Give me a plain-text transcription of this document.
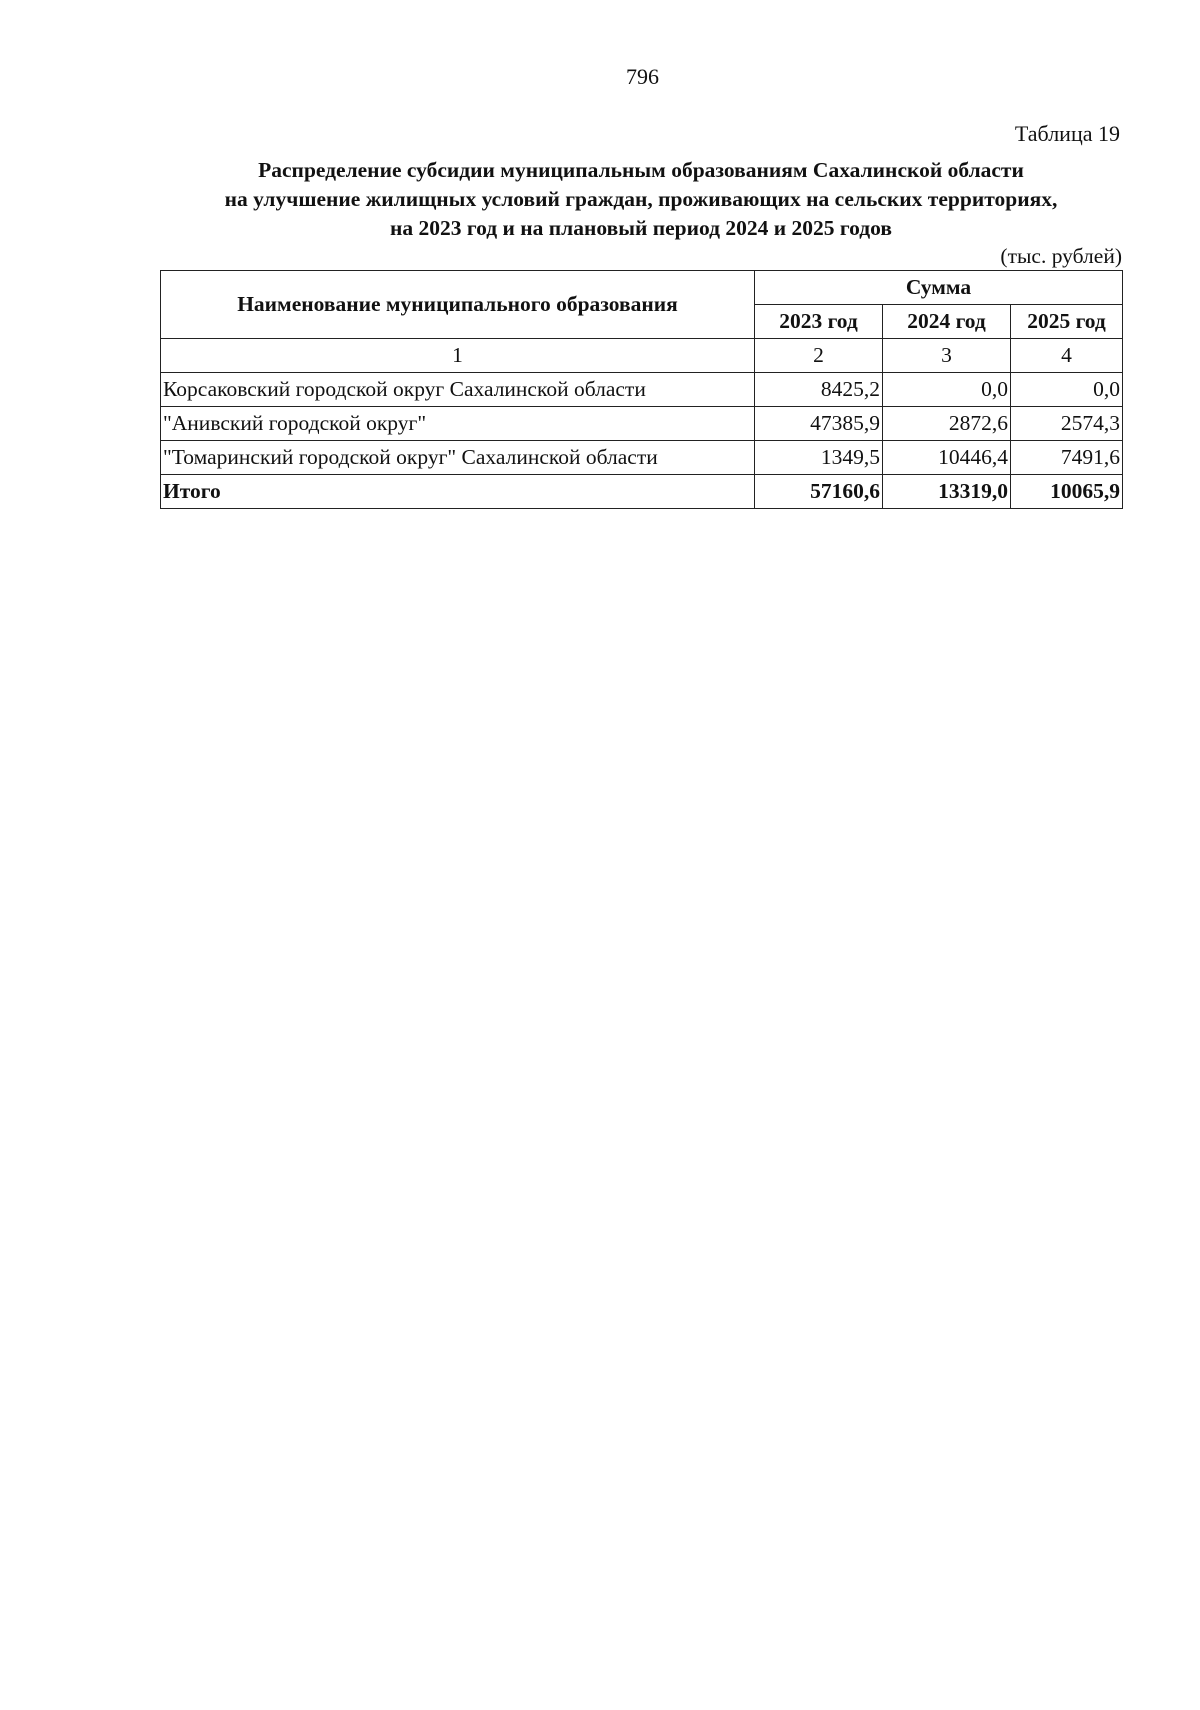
796
Таблица 19
Распределение субсидии муниципальным образованиям Сахалинской области
на улучшение жилищных условий граждан, проживающих на сельских территориях,
на 2023 год и на плановый период 2024 и 2025 годов
(тыс. рублей)
Наименование муниципального образования	Сумма		
	2023 год	2024 год	2025 год
1	2	3	4
Корсаковский городской округ Сахалинской области	8425,2	0,0	0,0
"Анивский городской округ"	47385,9	2872,6	2574,3
"Томаринский городской округ" Сахалинской области	1349,5	10446,4	7491,6
Итого	57160,6	13319,0	10065,9
